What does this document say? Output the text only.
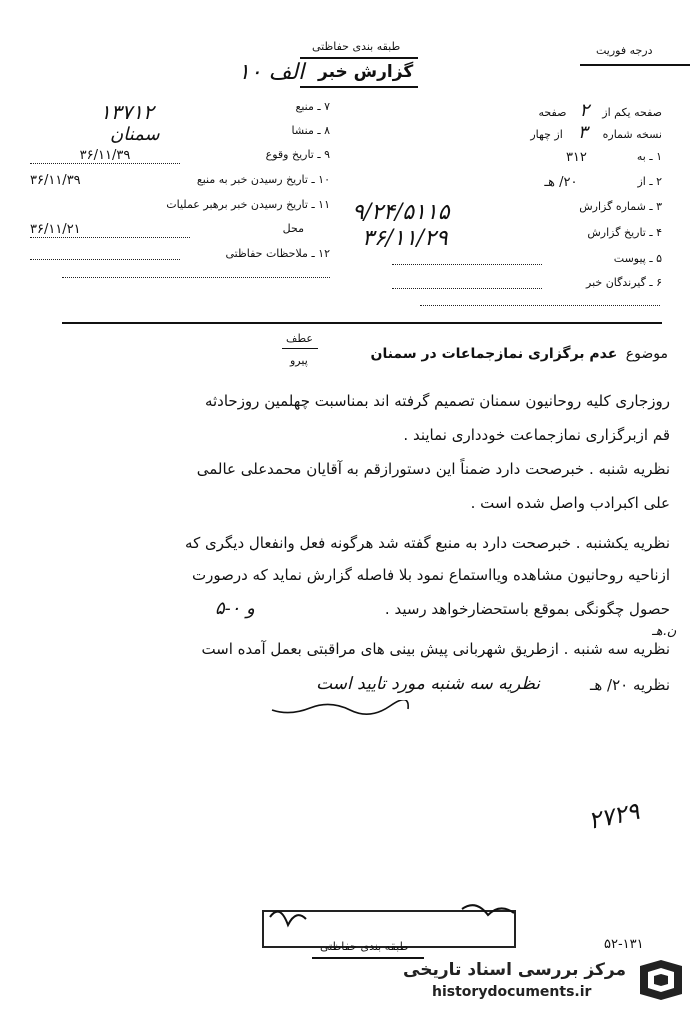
طبقه بندی حفاظتی
گزارش خبر
۱۰ الف
درجه فوریت
۷ ـ منبع
۱۳۷۱۲
۸ ـ منشا
سمنان
۹ ـ تاریخ وقوع
۳۶/۱۱/۳۹
۱۰ ـ تاریخ رسیدن خبر به منبع
۳۶/۱۱/۳۹
۱۱ ـ تاریخ رسیدن خبر برهبر عملیات
محل
۳۶/۱۱/۲۱
۱۲ ـ ملاحظات حفاظتی
صفحه یکم از ۲ صفحه
نسخه شماره ۳ از چهار
۱ ـ به
۳۱۲
۲ ـ از
۲۰/ هـ
۳ ـ شماره گزارش
۹/۲۴/۵۱۱۵
۴ ـ تاریخ گزارش
۳۶/۱۱/۲۹
۵ ـ پیوست
۶ ـ گیرندگان خبر
عطف
پیرو	موضوع عدم برگزاری نمازجماعات در سمنان
روزجاری کلیه روحانیون سمنان تصمیم گرفته اند بمناسبت چهلمین روزحادثه
قم ازبرگزاری نمازجماعت خودداری نمایند .
نظریه شنبه . خبرصحت دارد ضمناً این دستورازقم به آقایان محمدعلی عالمی
علی اکبرادب واصل شده است .
نظریه یکشنبه . خبرصحت دارد به منبع گفته شد هرگونه فعل وانفعال دیگری که
ازناحیه روحانیون مشاهده ویااستماع نمود بلا فاصله گزارش نماید که درصورت
حصول چگونگی بموقع باستحضارخواهد رسید .
۵-۰ و
ن.هـ
نظریه سه شنبه . ازطریق شهربانی پیش بینی های مراقبتی بعمل آمده است
نظریه ۲۰/ هـ
نظریه سه شنبه مورد تایید است
۲۷۲۹
طبقه بندی حفاظتی	۵۲-۱۳۱
مرکز بررسی اسناد تاریخی
historydocuments.ir
